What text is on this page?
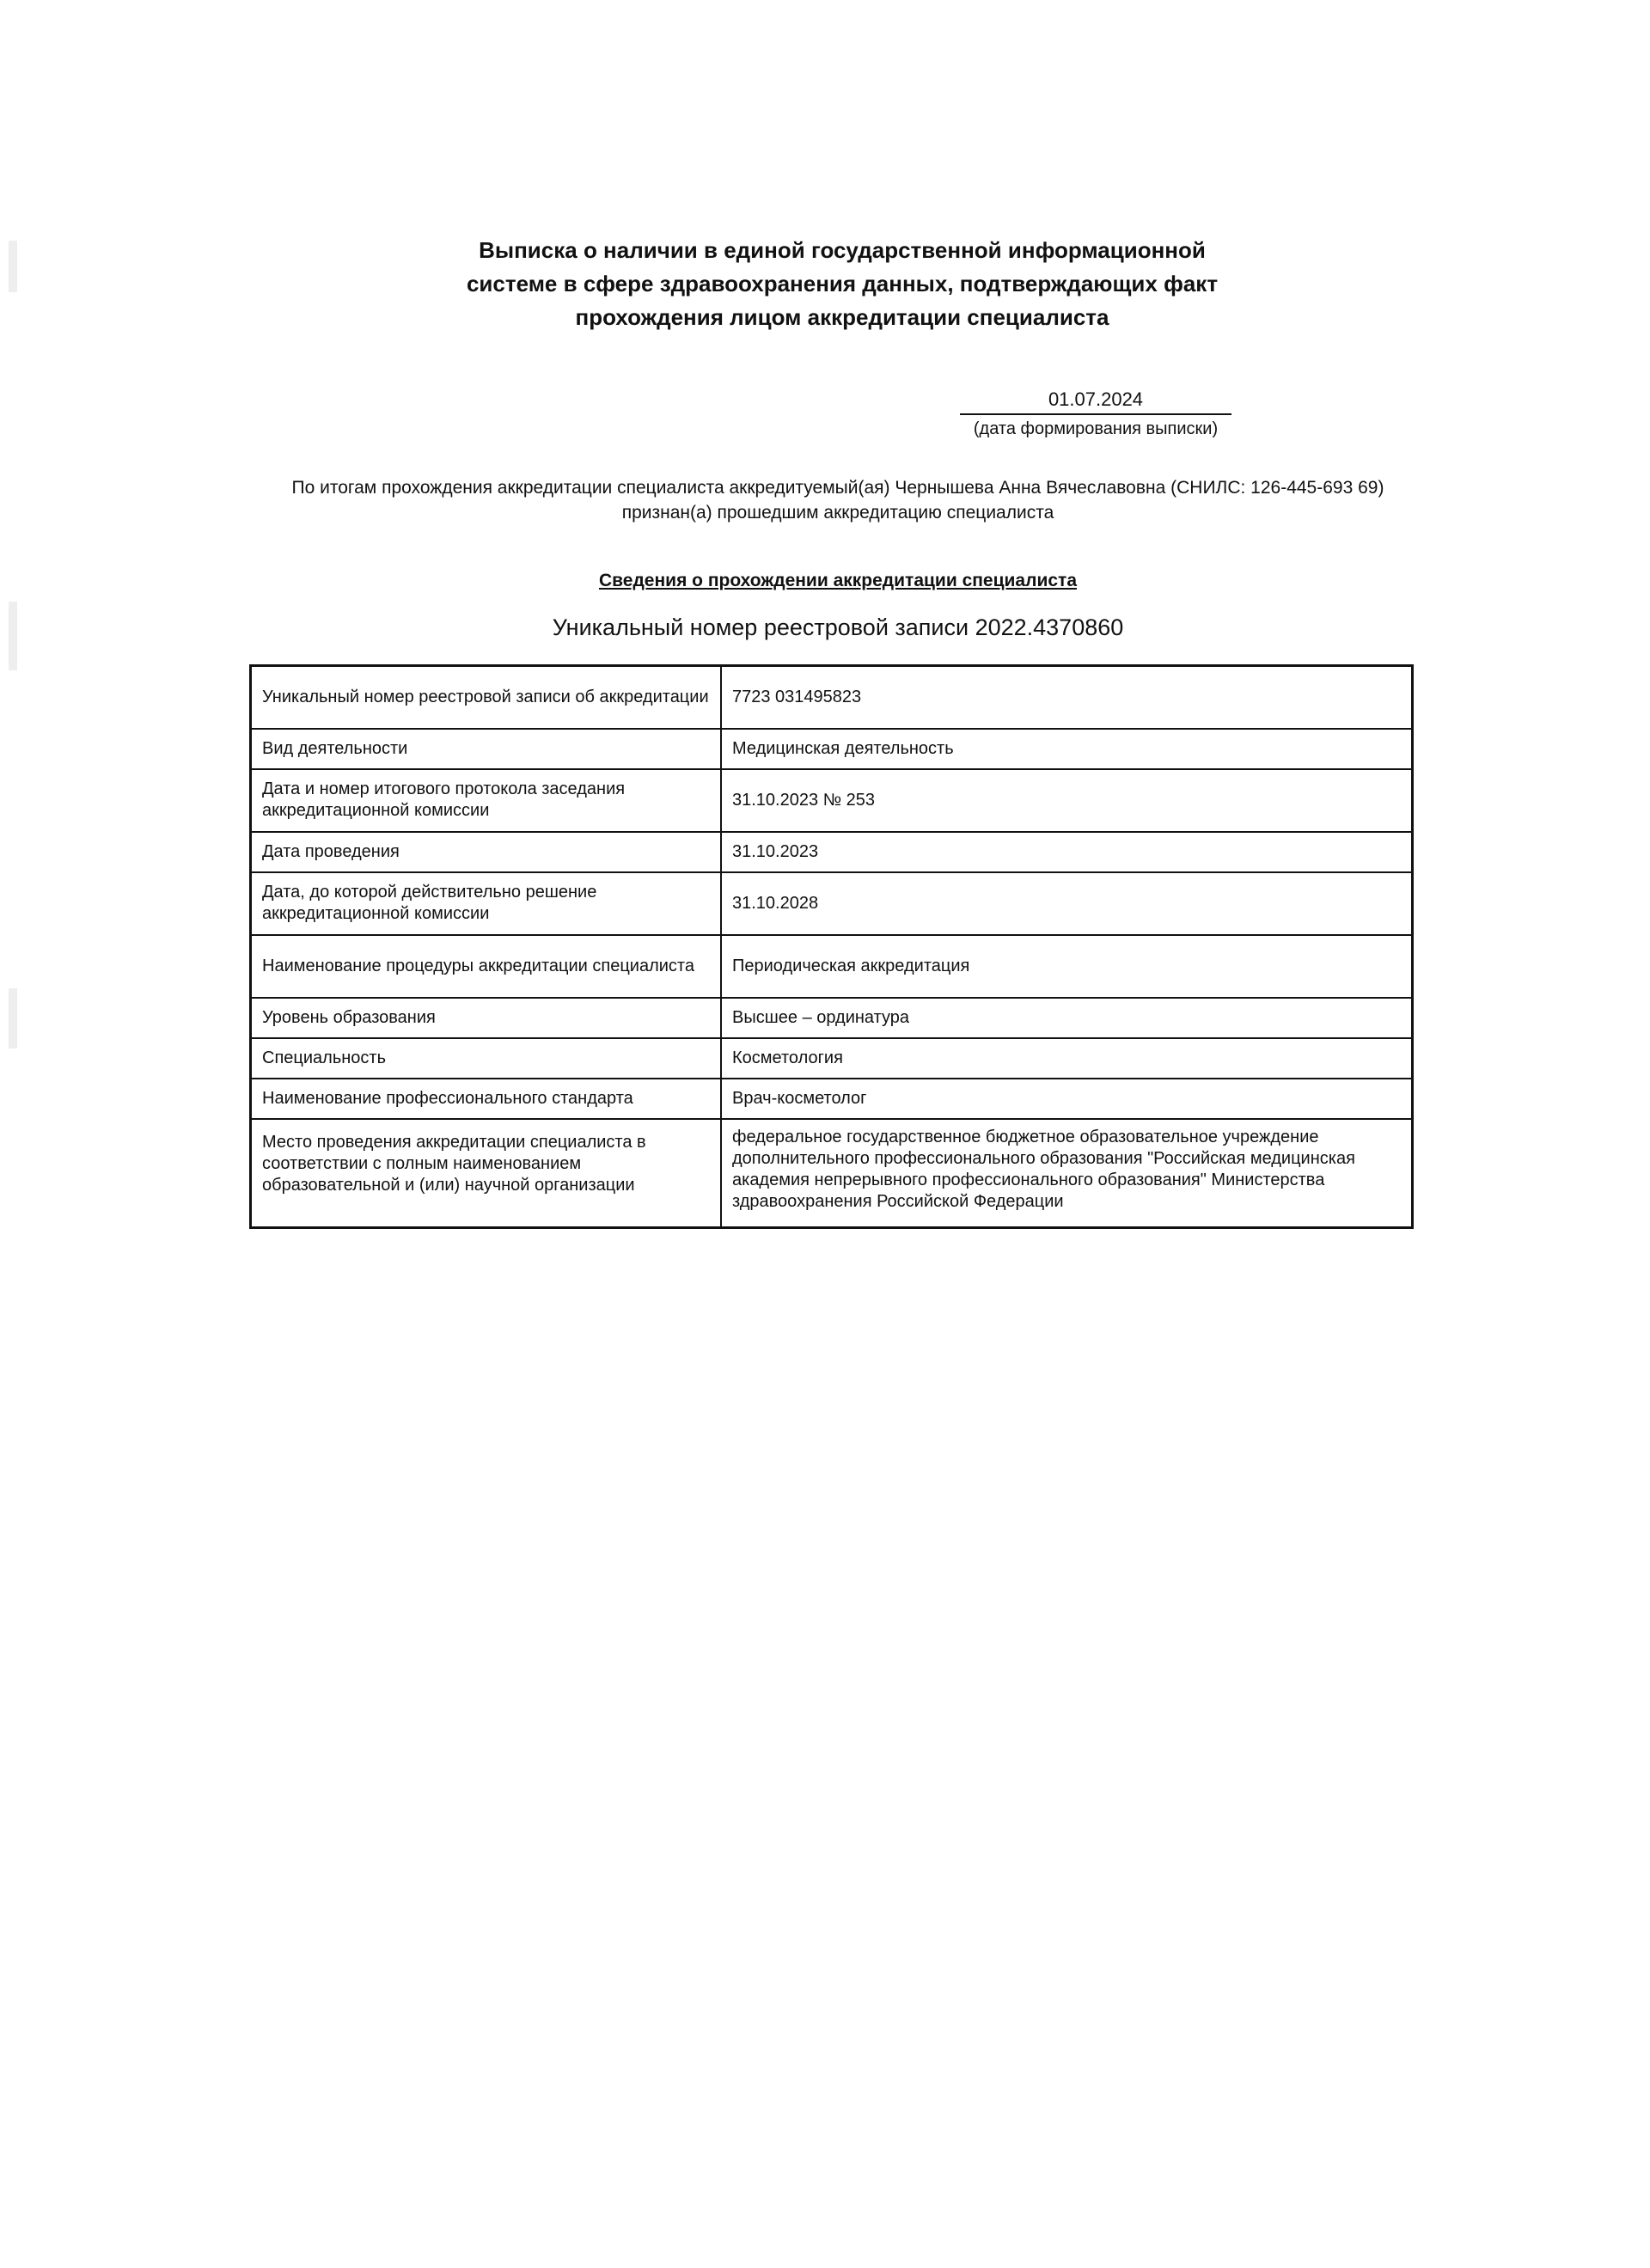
Выписка о наличии в единой государственной информационной
системе в сфере здравоохранения данных, подтверждающих факт
прохождения лицом аккредитации специалиста
01.07.2024
(дата формирования выписки)
По итогам прохождения аккредитации специалиста аккредитуемый(ая) Чернышева Анна Вячеславовна (СНИЛС: 126-445-693 69) признан(а) прошедшим аккредитацию специалиста
Сведения о прохождении аккредитации специалиста
Уникальный номер реестровой записи 2022.4370860
Уникальный номер реестровой записи об аккредитации	7723 031495823
Вид деятельности	Медицинская деятельность
Дата и номер итогового протокола заседания аккредитационной комиссии	31.10.2023 № 253
Дата проведения	31.10.2023
Дата, до которой действительно решение аккредитационной комиссии	31.10.2028
Наименование процедуры аккредитации специалиста	Периодическая аккредитация
Уровень образования	Высшее – ординатура
Специальность	Косметология
Наименование профессионального стандарта	Врач-косметолог
Место проведения аккредитации специалиста в соответствии с полным наименованием образовательной и (или) научной организации	федеральное государственное бюджетное образовательное учреждение дополнительного профессионального образования "Российская медицинская академия непрерывного профессионального образования" Министерства здравоохранения Российской Федерации
